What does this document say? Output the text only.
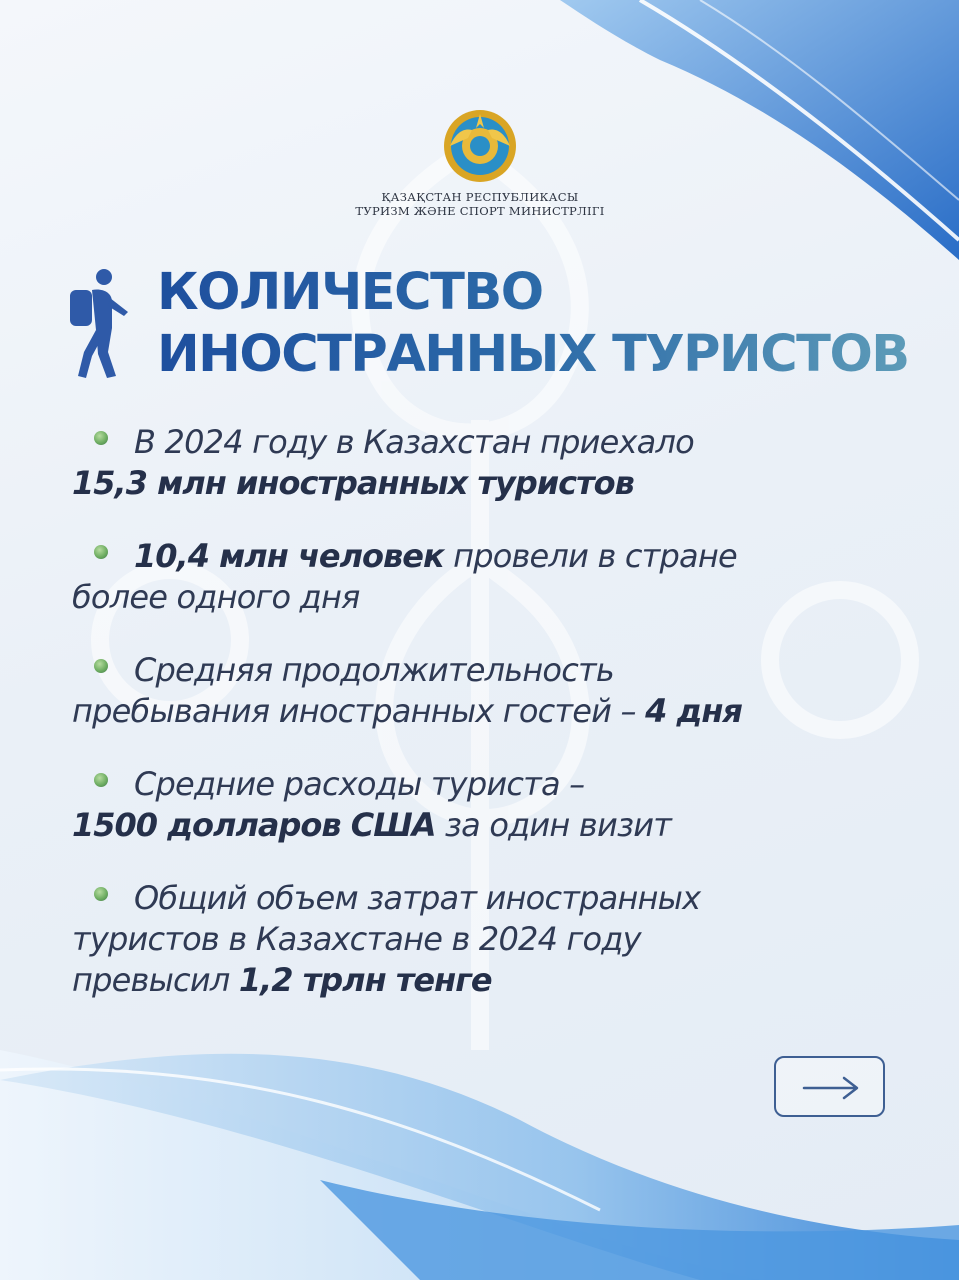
ҚАЗАҚСТАН РЕСПУБЛИКАСЫ
ТУРИЗМ ЖӘНЕ СПОРТ МИНИСТРЛІГІ
КОЛИЧЕСТВО
ИНОСТРАННЫХ ТУРИСТОВ
В 2024 году в Казахстан приехало
15,3 млн иностранных туристов
10,4 млн человек провели в стране
более одного дня
Средняя продолжительность
пребывания иностранных гостей – 4 дня
Средние расходы туриста –
1500 долларов США за один визит
Общий объем затрат иностранных
туристов в Казахстане в 2024 году
превысил 1,2 трлн тенге
